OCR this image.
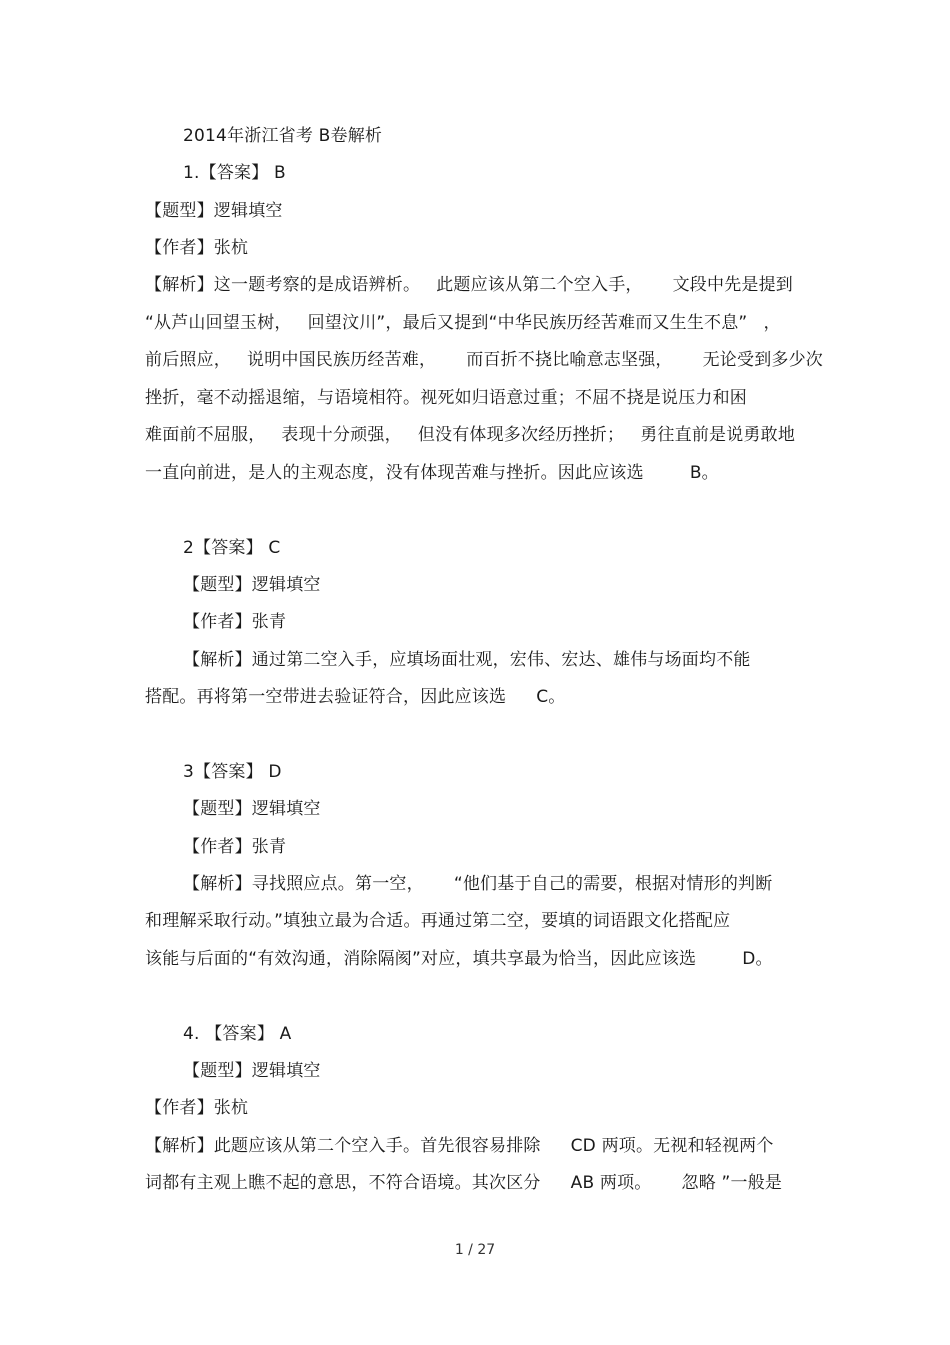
2014年浙江省考 B卷解析
1.【答案】 B
【题型】逻辑填空
【作者】张杭
【解析】这一题考察的是成语辨析。 此题应该从第二个空入手， 文段中先是提到
“从芦山回望玉树， 回望汶川”，最后又提到“中华民族历经苦难而又生生不息” ，
前后照应， 说明中国民族历经苦难， 而百折不挠比喻意志坚强， 无论受到多少次
挫折，毫不动摇退缩，与语境相符。视死如归语意过重；不屈不挠是说压力和困
难面前不屈服， 表现十分顽强， 但没有体现多次经历挫折； 勇往直前是说勇敢地
一直向前进，是人的主观态度，没有体现苦难与挫折。因此应该选	B。
2【答案】 C
【题型】逻辑填空
【作者】张青
【解析】通过第二空入手，应填场面壮观，宏伟、宏达、雄伟与场面均不能
搭配。再将第一空带进去验证符合，因此应该选 C。
3【答案】 D
【题型】逻辑填空
【作者】张青
【解析】寻找照应点。第一空， “他们基于自己的需要，根据对情形的判断
和理解采取行动。”填独立最为合适。再通过第二空，要填的词语跟文化搭配应
该能与后面的“有效沟通，消除隔阂”对应，填共享最为恰当，因此应该选	D。
4. 【答案】 A
【题型】逻辑填空
【作者】张杭
【解析】此题应该从第二个空入手。首先很容易排除 CD 两项。无视和轻视两个
词都有主观上瞧不起的意思，不符合语境。其次区分 AB 两项。 忽略 ”一般是
1 / 27
